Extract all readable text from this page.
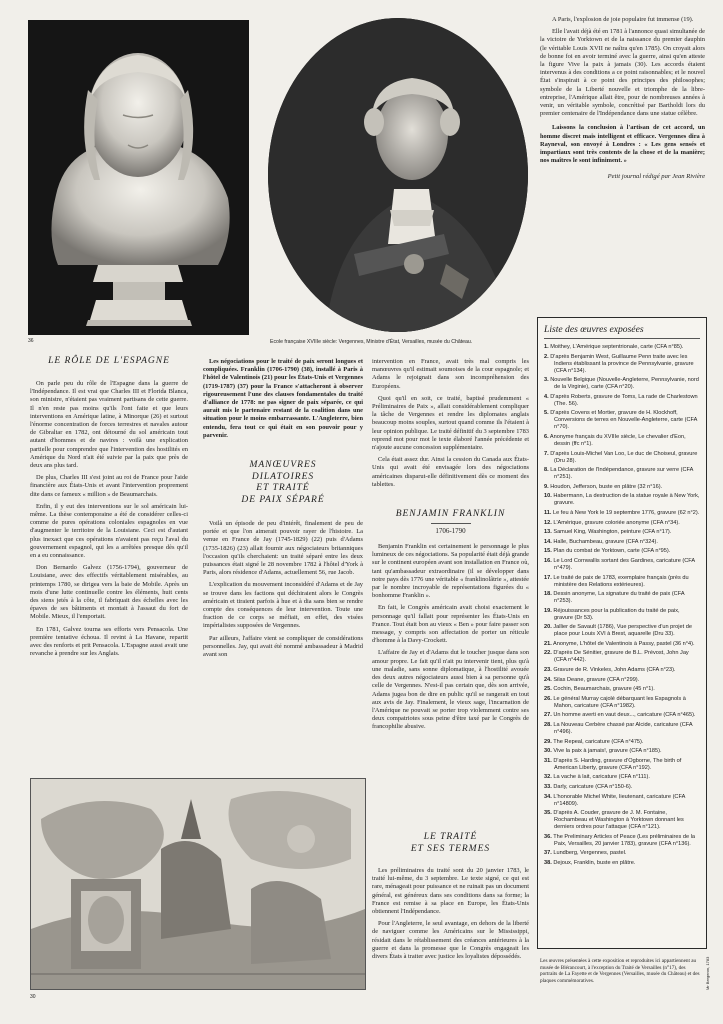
36	Ecole française XVIIIe siècle: Vergennes, Ministre d'État, Versailles, musée du Château.

A Paris, l'explosion de joie populaire fut immense (19).

Elle l'avait déjà été en 1781 à l'annonce quasi simultanée de la victoire de Yorktown et de la naissance du premier dauphin (le véritable Louis XVII ne naîtra qu'en 1785). On croyait alors de bonne foi en avoir terminé avec la guerre, ainsi qu'en atteste la figure Vive la paix à jamais (30). Les accords étaient intervenus à des conditions a ce point raisonnables; et le nouvel État s'inspirait à ce point des principes des philosophes; symbole de la Liberté nouvelle et triomphe de la libre-entreprise, l'Amérique allait être, pour de nombreuses années à venir, un véritable symbole, concrétisé par Bartholdi lors du premier centenaire de l'Indépendance dans une statue célèbre.

Laissons la conclusion à l'artisan de cet accord, un homme discret mais intelligent et efficace. Vergennes dira à Rayneval, son envoyé à Londres : « Les gens sensés et impartiaux sont très contents de la chose et de la manière; nos maîtres le sont infiniment. »

Petit journal rédigé par Jean Rivière

LE RÔLE DE L'ESPAGNE

On parle peu du rôle de l'Espagne dans la guerre de l'Indépendance. Il est vrai que Charles III et Florida Blanca, son ministre, n'étaient pas vraiment partisans de cette guerre. Il n'en reste pas moins qu'ils l'ont faite et que leurs interventions en Amérique latine, à Minorque (26) et surtout l'énorme concentration de forces terrestres et navales autour de Gibraltar en 1782, ont détourné du sol américain tout autant d'hommes et de navires : voilà une explication partielle pour comprendre que l'intervention des hostilités en Amérique du Nord n'ait été suivie par la paix que près de deux ans plus tard.

De plus, Charles III s'est joint au roi de France pour l'aide financière aux États-Unis et avant l'intervention proprement dite dans ce fameux « million » de Beaumarchais.

Enfin, il y eut des interventions sur le sol américain lui-même. La thèse contemporaine a été de considérer celles-ci comme de pures opérations coloniales espagnoles en vue d'augmenter le territoire de la Louisiane. Ceci est d'autant plus inexact que ces opérations n'avaient pas reçu l'aval du gouvernement espagnol, qui les a arrêtées presque dès qu'il en a eu connaissance.

Don Bernardo Galvez (1756-1794), gouverneur de Louisiane, avec des effectifs véritablement misérables, au printemps 1780, se dirigea vers la baie de Mobile. Après un mois d'une lutte continuelle contre les éléments, huit cents des siens jetés à la côte, il fabriquait des échelles avec les épaves de ses bâtiments et montait à l'assaut du fort de Mobile. Mieux, il l'emportait.

En 1781, Galvez tourna ses efforts vers Pensacola. Une première tentative échoua. Il revint à La Havane, repartit avec des renforts et prit Pensacola. L'Espagne aussi avait une revanche à prendre sur les Anglais.

Les négociations pour le traité de paix seront longues et compliquées. Franklin (1706-1790) (38), installé à Paris à l'hôtel de Valentinois (21) pour les États-Unis et Vergennes (1719-1787) (37) pour la France s'attacheront à observer rigoureusement l'une des clauses fondamentales du traité d'alliance de 1778: ne pas signer de paix séparée, ce qui aurait mis le partenaire restant de la coalition dans une situation pour le moins embarrassante. L'Angleterre, bien entendu, fera tout ce qui était en son pouvoir pour y parvenir.

MANŒUVRES
DILATOIRES
ET TRAITÉ
DE PAIX SÉPARÉ

Voilà un épisode de peu d'intérêt, finalement de peu de portée et que l'on aimerait pouvoir rayer de l'histoire. La venue en France de Jay (1745-1829) (22) puis d'Adams (1735-1826) (23) allait fournir aux négociateurs britanniques l'occasion qu'ils cherchaient: un traité séparé entre les deux puissances était signé le 28 novembre 1782 à l'hôtel d'York à Paris, alors résidence d'Adams, actuellement 56, rue Jacob.

L'explication du mouvement inconsidéré d'Adams et de Jay se trouve dans les factions qui déchiraient alors le Congrès américain et tiraient parfois à hue et à dia sans bien se rendre compte des conséquences de leur intervention. Toute une fraction de ce corps se méfiait, en effet, des visées impérialistes supposées de Vergennes.

Par ailleurs, l'affaire vient se compliquer de considérations personnelles. Jay, qui avait été nommé ambassadeur à Madrid avant son

intervention en France, avait très mal compris les manœuvres qu'il estimait soumoises de la cour espagnole; et Adams le rejoignait dans son incompréhension des Européens.

Quoi qu'il en soit, ce traité, baptisé prudemment « Préliminaires de Paix », allait considérablement compliquer la tâche de Vergennes et rendre les diplomates anglais beaucoup moins souples, surtout quand comme ils l'étaient à leur opinion publique. Le traité définitif du 3 septembre 1783 reprend mot pour mot le texte élaboré l'année précédente et n'ajoute aucune concession supplémentaire.

Cela était assez dur. Ainsi la cession du Canada aux États-Unis qui avait été envisagée lors des négociations américaines disparut-elle définitivement dès ce moment des tablettes.

BENJAMIN FRANKLIN
1706-1790

Benjamin Franklin est certainement le personnage le plus lumineux de ces négociations. Sa popularité était déjà grande sur le continent européen avant son installation en France où, tant qu'ambassadeur extraordinaire (il se développer dans notre pays dès 1776 une véritable « franklinolâtrie », attestée par le nombre incroyable de représentations figurées du « bonhomme Franklin ».

En fait, le Congrès américain avait choisi exactement le personnage qu'il fallait pour représenter les États-Unis en France. Tout était bon au vieux « Ben » pour faire passer son message, y compris son affectation de porter un réticule d'homme à la Davy-Crockett.

L'affaire de Jay et d'Adams dut le toucher jusque dans son amour propre. Le fait qu'il n'ait pu intervenir tient, plus qu'à une maladie, sans sonne diplomatique, à l'hostilité avouée des deux autres négociateurs aussi bien à sa personne qu'à celle de Vergennes. N'est-il pas certain que, dès son arrivée, Adams jugea bon de dire en public qu'il se rangerait en tout aux avis de Jay. Finalement, le vieux sage, l'incarnation de l'Amérique ne pouvait se porter trop violemment contre ses deux compatriotes sous peine d'être taxé par le Congrès de francophilie abusive.

LE TRAITÉ
ET SES TERMES

Les préliminaires du traité sont du 20 janvier 1783, le traité lui-même, du 3 septembre. Le texte signé, ce qui est rare, ménageait pour puissance et ne ruinait pas un document général, est généreux dans ses conditions dans sa forme; la France est remise à sa place en Europe, les États-Unis obtiennent l'Indépendance.

Pour l'Angleterre, le seul avantage, en dehors de la liberté de naviguer comme les Américains sur le Mississippi, résidait dans le rétablissement des créances antérieures à la guerre et dans la promesse que le Congrès engageait les divers États à traiter avec justice les loyalistes dépossédés.

30
Liste des œuvres exposées
1. Moithey, L'Amérique septentrionale, carte (CFA n°85).
2. D'après Benjamin West, Guillaume Penn traite avec les Indiens établissant la province de Pennsylvanie, gravure (CFA n°134).
3. Nouvelle Belgique (Nouvelle-Angleterre, Pennsylvanie, nord de la Virginie), carte (CFA n°20).
4. D'après Roberts, gravure de Toms, La rade de Charlestown (The. 56).
5. D'après Covens et Mortier, gravure de H. Klockhoff, Conversions de terres en Nouvelle-Angleterre, carte (CFA n°70).
6. Anonyme français du XVIIIe siècle, Le chevalier d'Eon, dessin (ffc n°1).
7. D'après Louis-Michel Van Loo, Le duc de Choiseul, gravure (Dru 28).
8. La Déclaration de l'Indépendance, gravure sur verre (CFA n°251).
9. Houdon, Jefferson, buste en plâtre (32 n°16).
10. Habermann, La destruction de la statue royale à New York, gravure.
11. Le feu à New York le 19 septembre 1776, gravure (62 n°2).
12. L'Amérique, gravure coloriée anonyme (CFA n°34).
13. Samuel King, Washington, peinture (CFA n°17).
14. Halle, Buchambeau, gravure (CFA n°324).
15. Plan du combat de Yorktown, carte (CFA n°95).
16. Le Lord Cornwallis sortant des Gardines, caricature (CFA n°479).
17. Le traité de paix de 1783, exemplaire français (près du ministère des Relations extérieures).
18. Dessin anonyme, La signature du traité de paix (CFA n°253).
19. Réjouissances pour la publication du traité de paix, gravure (Dr 53).
20. Jallier de Savault (1786), Vue perspective d'un projet de place pour Louis XVI à Brest, aquarelle (Dru 33).
21. Anonyme, L'hôtel de Valentinois à Passy, pastel (36 n°4).
22. D'après De Sénitier, gravure de B.L. Prévost, John Jay (CFA n°442).
23. Gravure de R. Vinkeles, John Adams (CFA n°23).
24. Silas Deane, gravure (CFA n°299).
25. Cochin, Beaumarchais, gravure (45 n°1).
26. Le général Murray cajolé débarquant les Espagnols à Mahon, caricature (CFA n°1982).
27. Un homme averti en vaut deux..., caricature (CFA n°465).
28. La Nouveau Cerbère chassé par Alcide, caricature (CFA n°496).
29. The Repeal, caricature (CFA n°475).
30. Vive la paix à jamais!, gravure (CFA n°185).
31. D'après S. Harding, gravure d'Ogborne, The birth of American Liberty, gravure (CFA n°192).
32. La vache à lait, caricature (CFA n°111).
33. Darly, caricature (CFA n°150-6).
34. L'honorable Michel White, lieutenant, caricature (CFA n°14809).
35. D'après A. Couder, gravure de J. M. Fontaine, Rochambeau et Washington à Yorktown donnant les derniers ordres pour l'attaque (CFA n°121).
36. The Preliminary Articles of Peace (Les préliminaires de la Paix, Versailles, 20 janvier 1783), gravure (CFA n°136).
37. Lundberg, Vergennes, pastel.
38. Dejoux, Franklin, buste en plâtre.
Les œuvres présentées à cette exposition et reproduites ici appartiennent au musée de Blérancourt, à l'exception du Traité de Versailles (n°17), des portraits de La Fayette et de Vergennes (Versailles, musée du Château) et des plaques commémoratives.	Mr Bergeron, 1783
